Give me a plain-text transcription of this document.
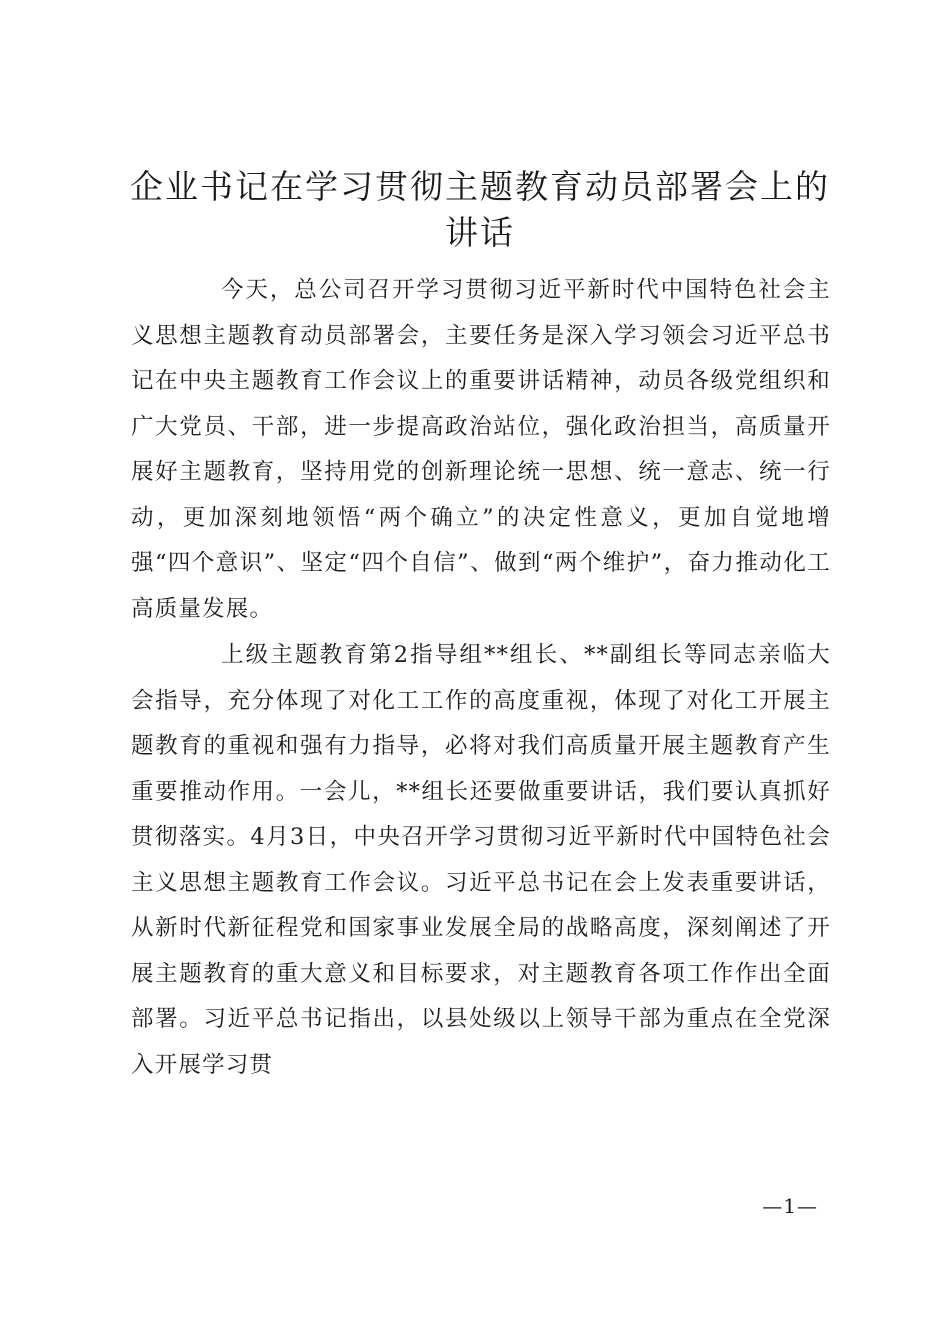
企业书记在学习贯彻主题教育动员部署会上的讲话

今天，总公司召开学习贯彻习近平新时代中国特色社会主义思想主题教育动员部署会，主要任务是深入学习领会习近平总书记在中央主题教育工作会议上的重要讲话精神，动员各级党组织和广大党员、干部，进一步提高政治站位，强化政治担当，高质量开展好主题教育，坚持用党的创新理论统一思想、统一意志、统一行动，更加深刻地领悟“两个确立”的决定性意义，更加自觉地增强“四个意识”、坚定“四个自信”、做到“两个维护”，奋力推动化工高质量发展。

上级主题教育第2指导组**组长、**副组长等同志亲临大会指导，充分体现了对化工工作的高度重视，体现了对化工开展主题教育的重视和强有力指导，必将对我们高质量开展主题教育产生重要推动作用。一会儿，**组长还要做重要讲话，我们要认真抓好贯彻落实。4月3日，中央召开学习贯彻习近平新时代中国特色社会主义思想主题教育工作会议。习近平总书记在会上发表重要讲话，从新时代新征程党和国家事业发展全局的战略高度，深刻阐述了开展主题教育的重大意义和目标要求，对主题教育各项工作作出全面部署。习近平总书记指出，以县处级以上领导干部为重点在全党深入开展学习贯

—1—
